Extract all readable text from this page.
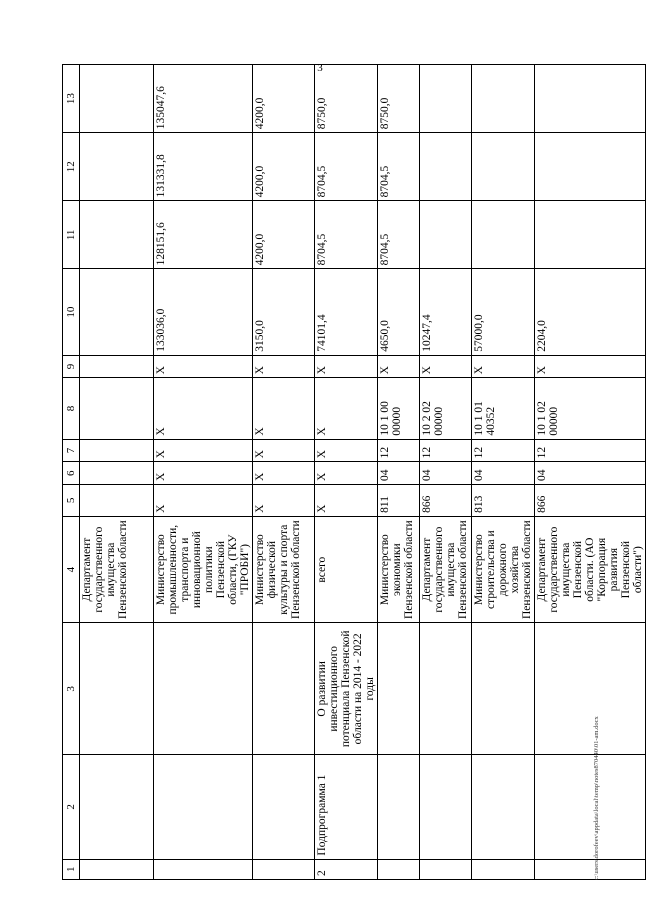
3
1	2	3	4	5	6	7	8	9	10	11	12	13
			Департамент государственного имущества Пензенской области									
			Министерство промышленности, транспорта и инновационной политики Пензенской области, (ГКУ "ПРОБИ")	Х	Х	Х	Х	Х	133036,0	128151,6	131331,8	135047,6
			Министерство физической культуры и спорта Пензенской области	Х	Х	Х	Х	Х	3150,0	4200,0	4200,0	4200,0
2	Подпрограмма 1	О развитии инвестиционного потенциала Пензенской области на 2014 - 2022 годы	всего	Х	Х	Х	Х	Х	74101,4	8704,5	8704,5	8750,0
			Министерство экономики Пензенской области	811	04	12	10 1 00 00000	Х	4650,0	8704,5	8704,5	8750,0
			Департамент государственного имущества Пензенской области	866	04	12	10 2 02 00000	Х	10247,4			
			Министерство строительства и дорожного хозяйства Пензенской области	813	04	12	10 1 01 40352	Х	57000,0			
			Департамент государственного имущества Пензенской области. (АО "Корпорация развития Пензенской области")	866	04	12	10 1 02 00000	Х	2204,0			
c:\users\dorofeev\appdata\local\temp\notes870440\01-am.docx
